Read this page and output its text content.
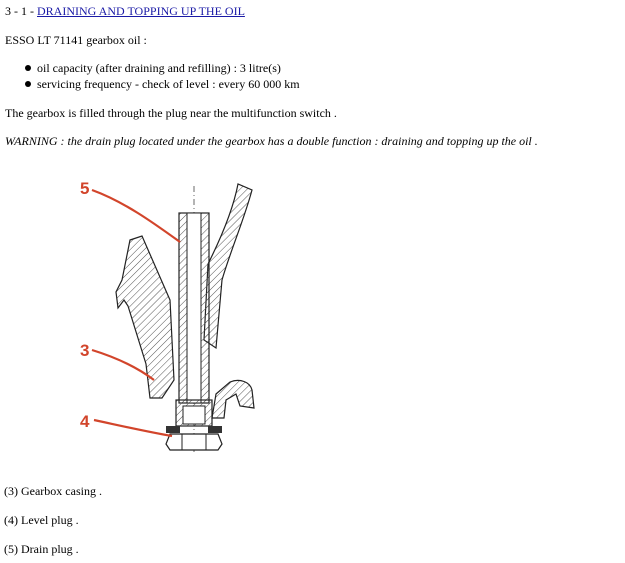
3 - 1 - DRAINING AND TOPPING UP THE OIL
ESSO LT 71141 gearbox oil :
oil capacity (after draining and refilling) : 3 litre(s)
servicing frequency - check of level : every 60 000 km
The gearbox is filled through the plug near the multifunction switch .
WARNING : the drain plug located under the gearbox has a double function : draining and topping up the oil .
5
3
4
(3) Gearbox casing .
(4) Level plug .
(5) Drain plug .
